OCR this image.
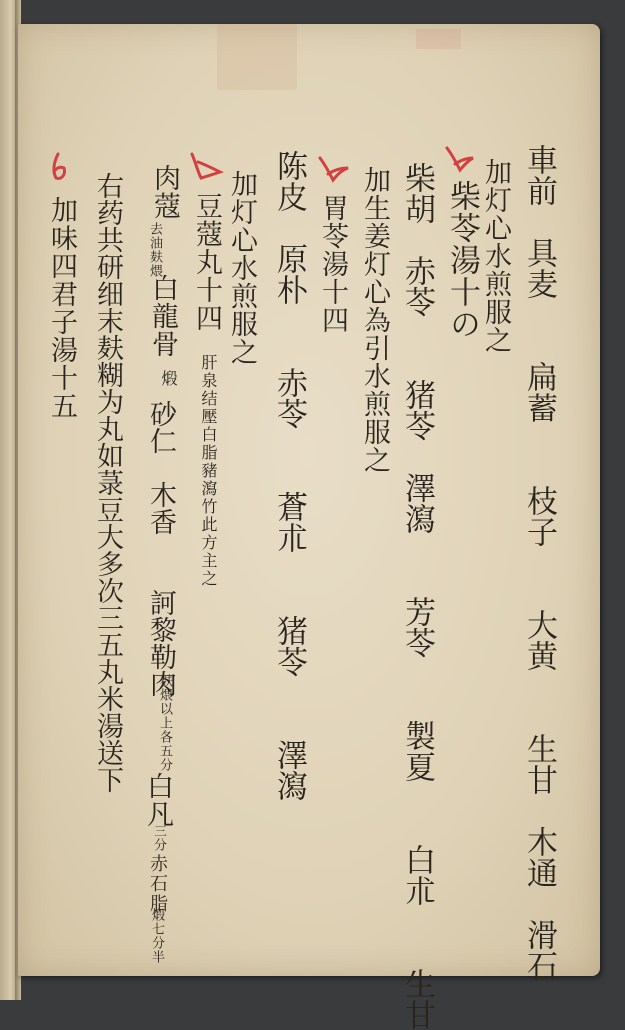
車前　具麦　　扁蓄　　枝子　　大黄　　生甘　木通　滑石
加灯心水煎服之
柴苓湯十の
柴胡　赤苓　　猪苓　澤瀉　　芳苓　　製夏　　白朮　　生甘
加生姜灯心為引水煎服之
胃苓湯十四
陈皮　原朴　　赤苓　　蒼朮　　猪苓　　澤瀉
加灯心水煎服之
豆蔻丸十四
肝泉结壓白脂豬瀉竹此方主之
肉蔻
去油麸煨
白龍骨
煅
砂仁　木香　　訶黎勒肉
麸煨以上各五分
白凡
三分
赤石脂
煅七分半
右药共研细末麸糊为丸如菉豆大多次三五丸米湯送下
加味四君子湯十五
